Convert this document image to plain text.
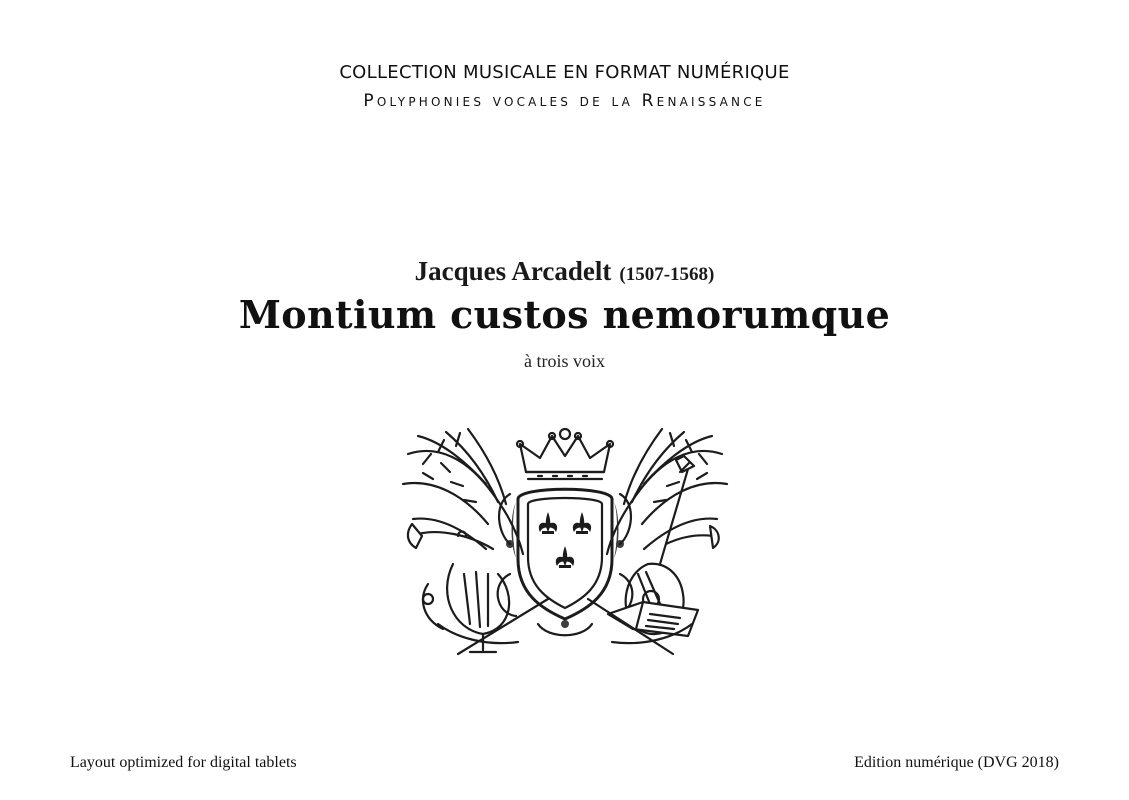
COLLECTION MUSICALE EN FORMAT NUMÉRIQUE
Polyphonies vocales de la Renaissance
Jacques Arcadelt (1507-1568)
Montium custos nemorumque
à trois voix
Layout optimized for digital tablets	Edition numérique (DVG 2018)
